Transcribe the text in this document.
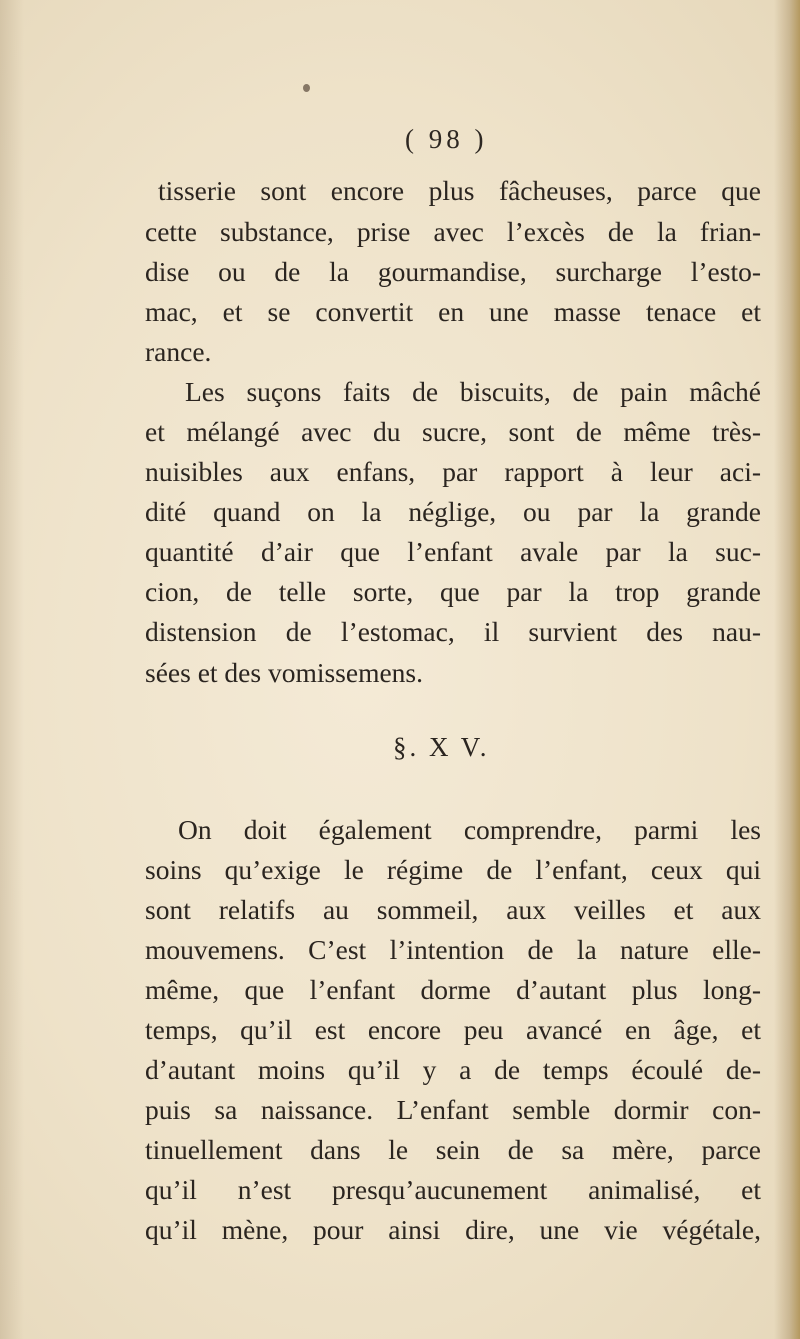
( 98 )
tisserie sont encore plus fâcheuses, parce que
cette substance, prise avec l’excès de la frian-
dise ou de la gourmandise, surcharge l’esto-
mac, et se convertit en une masse tenace et
rance.
Les suçons faits de biscuits, de pain mâché
et mélangé avec du sucre, sont de même très-
nuisibles aux enfans, par rapport à leur aci-
dité quand on la néglige, ou par la grande
quantité d’air que l’enfant avale par la suc-
cion, de telle sorte, que par la trop grande
distension de l’estomac, il survient des nau-
sées et des vomissemens.
§. X V.
On doit également comprendre, parmi les
soins qu’exige le régime de l’enfant, ceux qui
sont relatifs au sommeil, aux veilles et aux
mouvemens. C’est l’intention de la nature elle-
même, que l’enfant dorme d’autant plus long-
temps, qu’il est encore peu avancé en âge, et
d’autant moins qu’il y a de temps écoulé de-
puis sa naissance. L’enfant semble dormir con-
tinuellement dans le sein de sa mère, parce
qu’il n’est presqu’aucunement animalisé, et
qu’il mène, pour ainsi dire, une vie végétale,
